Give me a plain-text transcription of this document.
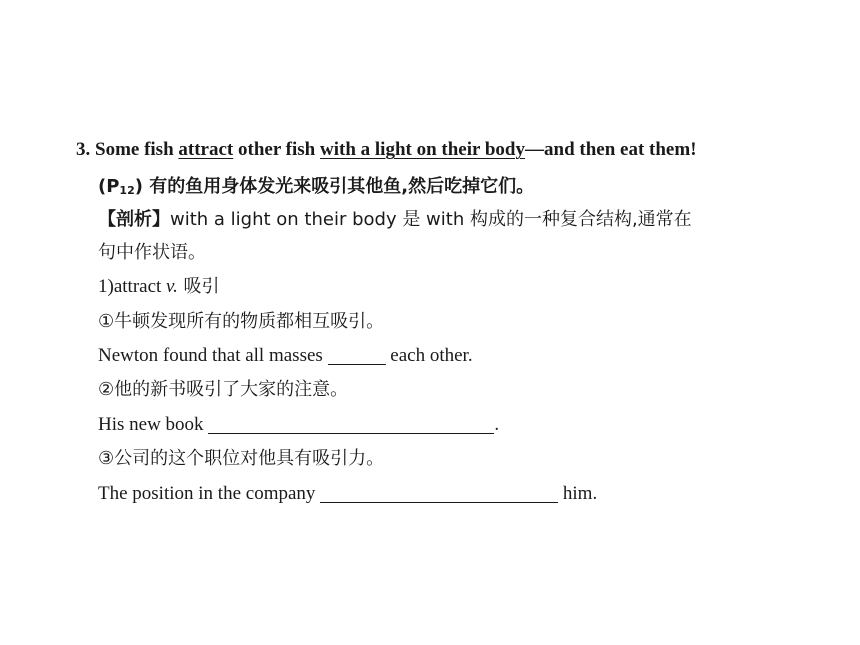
3. Some fish attract other fish with a light on their body—and then eat them!
(P12) 有的鱼用身体发光来吸引其他鱼,然后吃掉它们。
【剖析】with a light on their body 是 with 构成的一种复合结构,通常在
句中作状语。
1)attract v. 吸引
①牛顿发现所有的物质都相互吸引。
Newton found that all masses	each other.
②他的新书吸引了大家的注意。
His new book	.
③公司的这个职位对他具有吸引力。
The position in the company	him.
